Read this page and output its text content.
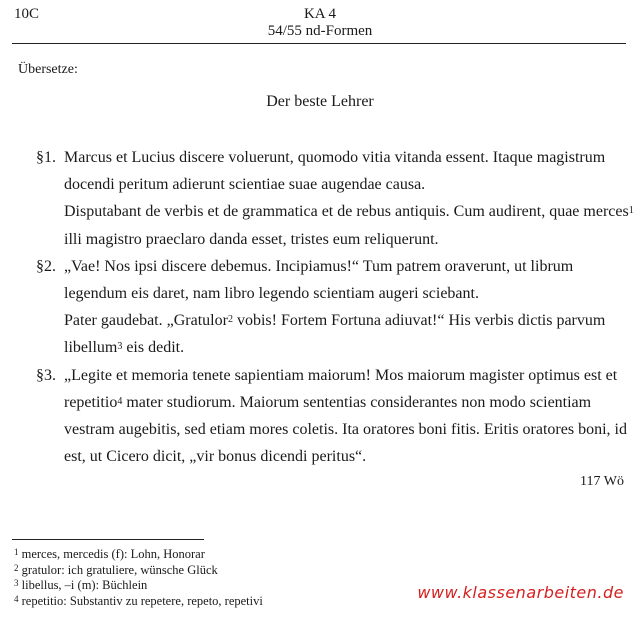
10C	KA 4
54/55 nd-Formen
Übersetze:
Der beste Lehrer
§1. Marcus et Lucius discere voluerunt, quomodo vitia vitanda essent. Itaque magistrum
docendi peritum adierunt scientiae suae augendae causa.
Disputabant de verbis et de grammatica et de rebus antiquis. Cum audirent, quae merces$^1$
illi magistro praeclaro danda esset, tristes eum reliquerunt.
§2. „Vae! Nos ipsi discere debemus. Incipiamus!“ Tum patrem oraverunt, ut librum
legendum eis daret, nam libro legendo scientiam augeri sciebant.
Pater gaudebat. „Gratulor$^2$ vobis! Fortem Fortuna adiuvat!“ His verbis dictis parvum
libellum$^3$ eis dedit.
§3. „Legite et memoria tenete sapientiam maiorum! Mos maiorum magister optimus est et
repetitio$^4$ mater studiorum. Maiorum sententias considerantes non modo scientiam
vestram augebitis, sed etiam mores coletis. Ita oratores boni fitis. Eritis oratores boni, id
est, ut Cicero dicit, „vir bonus dicendi peritus“.
117 Wö
$^1$ merces, mercedis (f): Lohn, Honorar
$^2$ gratulor: ich gratuliere, wünsche Glück
$^3$ libellus, –i (m): Büchlein
$^4$ repetitio: Substantiv zu repetere, repeto, repetivi	www.klassenarbeiten.de
